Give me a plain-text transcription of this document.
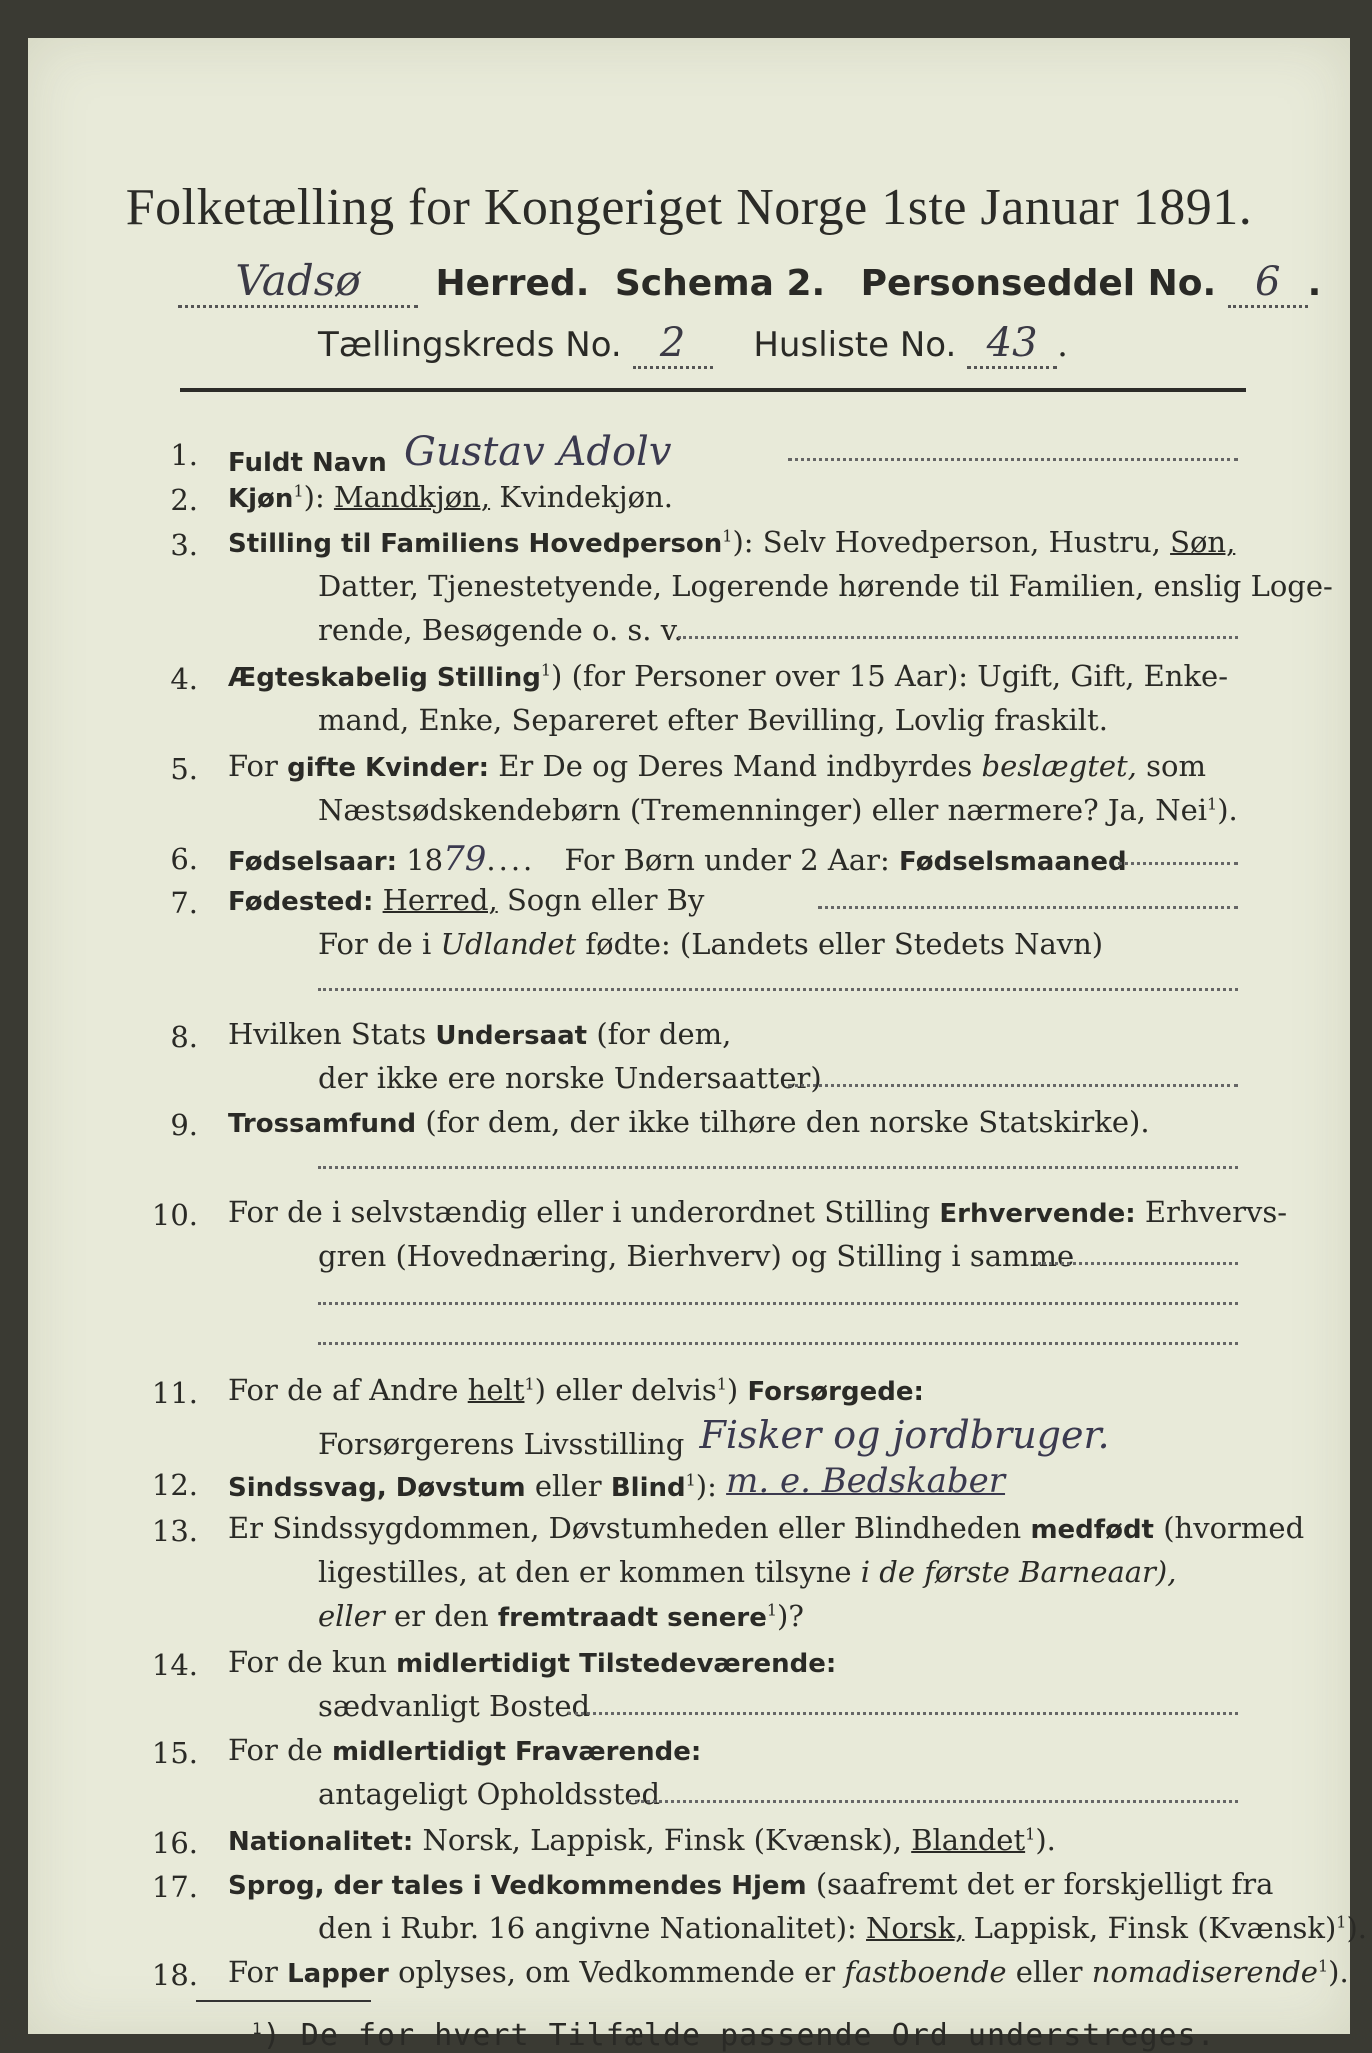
Folketælling for Kongeriget Norge 1ste Januar 1891.
Vadsø Herred. Schema 2. Personseddel No. 6 .
Tællingskreds No. 2 Husliste No. 43 .
1. Fuldt Navn Gustav Adolv
2. Kjøn$^1$): Mandkjøn, Kvindekjøn.
3. Stilling til Familiens Hovedperson$^1$): Selv Hovedperson, Hustru, Søn,
Datter, Tjenestetyende, Logerende hørende til Familien, enslig Loge-
rende, Besøgende o. s. v.
4. Ægteskabelig Stilling$^1$) (for Personer over 15 Aar): Ugift, Gift, Enke-
mand, Enke, Separeret efter Bevilling, Lovlig fraskilt.
5. For gifte Kvinder: Er De og Deres Mand indbyrdes beslægtet, som
Næstsødskendebørn (Tremenninger) eller nærmere? Ja, Nei$^1$).
6. Fødselsaar: 1879.... For Børn under 2 Aar: Fødselsmaaned
7. Fødested: Herred, Sogn eller By
For de i Udlandet fødte: (Landets eller Stedets Navn)
8. Hvilken Stats Undersaat (for dem,
der ikke ere norske Undersaatter)
9. Trossamfund (for dem, der ikke tilhøre den norske Statskirke).
10. For de i selvstændig eller i underordnet Stilling Erhvervende: Erhvervs-
gren (Hovednæring, Bierhverv) og Stilling i samme
11. For de af Andre helt$^1$) eller delvis$^1$) Forsørgede:
Forsørgerens Livsstilling Fisker og jordbruger.
12. Sindssvag, Døvstum eller Blind$^1$): m. e. Bedskaber
13. Er Sindssygdommen, Døvstumheden eller Blindheden medfødt (hvormed
ligestilles, at den er kommen tilsyne i de første Barneaar),
eller er den fremtraadt senere$^1$)?
14. For de kun midlertidigt Tilstedeværende:
sædvanligt Bosted
15. For de midlertidigt Fraværende:
antageligt Opholdssted
16. Nationalitet: Norsk, Lappisk, Finsk (Kvænsk), Blandet$^1$).
17. Sprog, der tales i Vedkommendes Hjem (saafremt det er forskjelligt fra
den i Rubr. 16 angivne Nationalitet): Norsk, Lappisk, Finsk (Kvænsk)$^1$).
18. For Lapper oplyses, om Vedkommende er fastboende eller nomadiserende$^1$).
$^1$) De for hvert Tilfælde passende Ord understreges.
